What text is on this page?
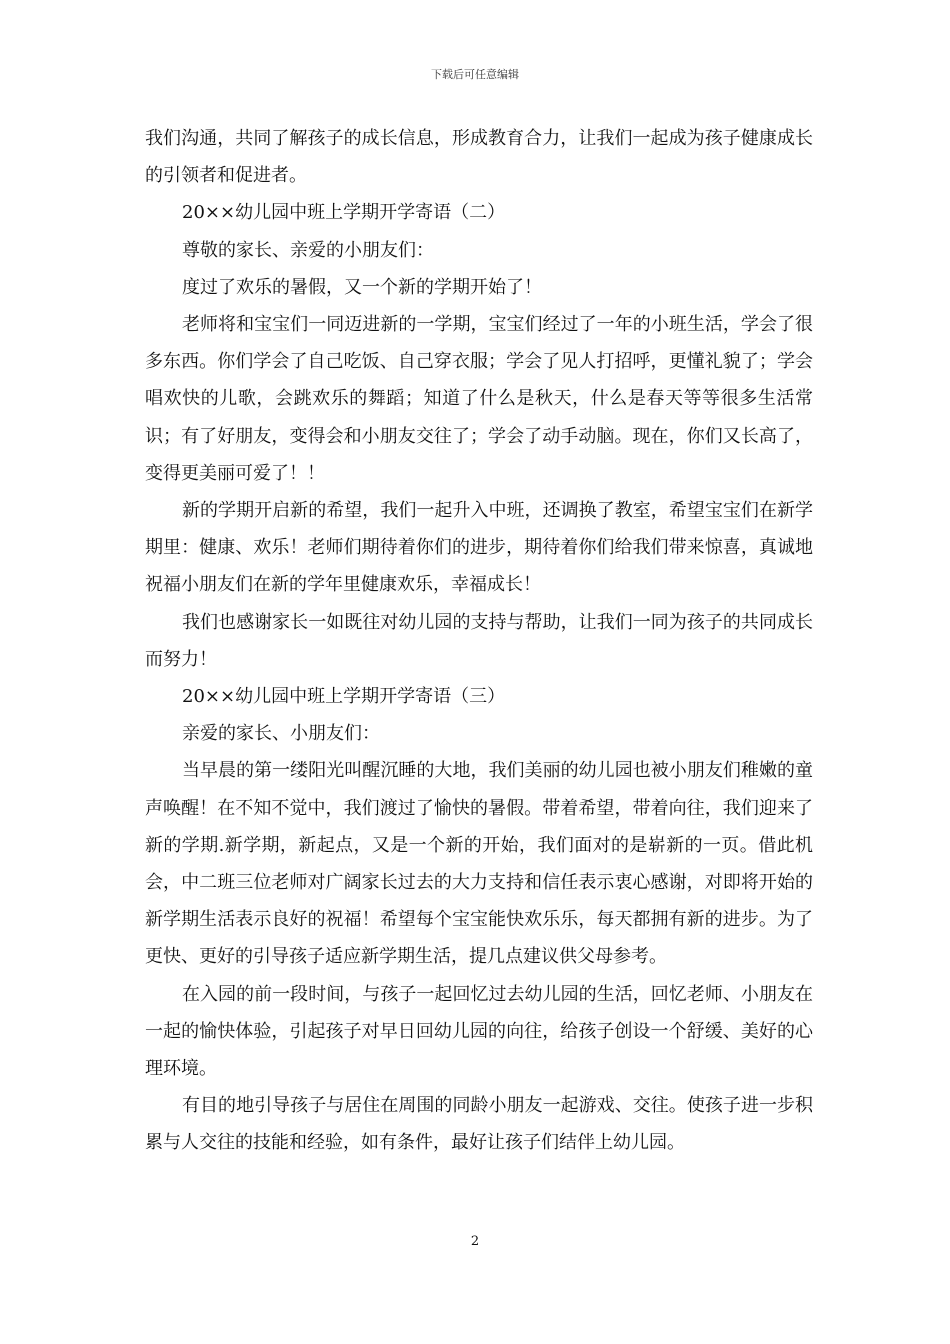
下载后可任意编辑

我们沟通，共同了解孩子的成长信息，形成教育合力，让我们一起成为孩子健康成长的引领者和促进者。

20××幼儿园中班上学期开学寄语（二）

尊敬的家长、亲爱的小朋友们：

度过了欢乐的暑假，又一个新的学期开始了！

老师将和宝宝们一同迈进新的一学期，宝宝们经过了一年的小班生活，学会了很多东西。你们学会了自己吃饭、自己穿衣服；学会了见人打招呼，更懂礼貌了；学会唱欢快的儿歌，会跳欢乐的舞蹈；知道了什么是秋天，什么是春天等等很多生活常识；有了好朋友，变得会和小朋友交往了；学会了动手动脑。现在，你们又长高了，变得更美丽可爱了！！

新的学期开启新的希望，我们一起升入中班，还调换了教室，希望宝宝们在新学期里：健康、欢乐！老师们期待着你们的进步，期待着你们给我们带来惊喜，真诚地祝福小朋友们在新的学年里健康欢乐，幸福成长！

我们也感谢家长一如既往对幼儿园的支持与帮助，让我们一同为孩子的共同成长而努力！

20××幼儿园中班上学期开学寄语（三）

亲爱的家长、小朋友们：

当早晨的第一缕阳光叫醒沉睡的大地，我们美丽的幼儿园也被小朋友们稚嫩的童声唤醒！在不知不觉中，我们渡过了愉快的暑假。带着希望，带着向往，我们迎来了新的学期.新学期，新起点，又是一个新的开始，我们面对的是崭新的一页。借此机会，中二班三位老师对广阔家长过去的大力支持和信任表示衷心感谢，对即将开始的新学期生活表示良好的祝福！希望每个宝宝能快欢乐乐，每天都拥有新的进步。为了更快、更好的引导孩子适应新学期生活，提几点建议供父母参考。

在入园的前一段时间，与孩子一起回忆过去幼儿园的生活，回忆老师、小朋友在一起的愉快体验，引起孩子对早日回幼儿园的向往，给孩子创设一个舒缓、美好的心理环境。

有目的地引导孩子与居住在周围的同龄小朋友一起游戏、交往。使孩子进一步积累与人交往的技能和经验，如有条件，最好让孩子们结伴上幼儿园。

2
